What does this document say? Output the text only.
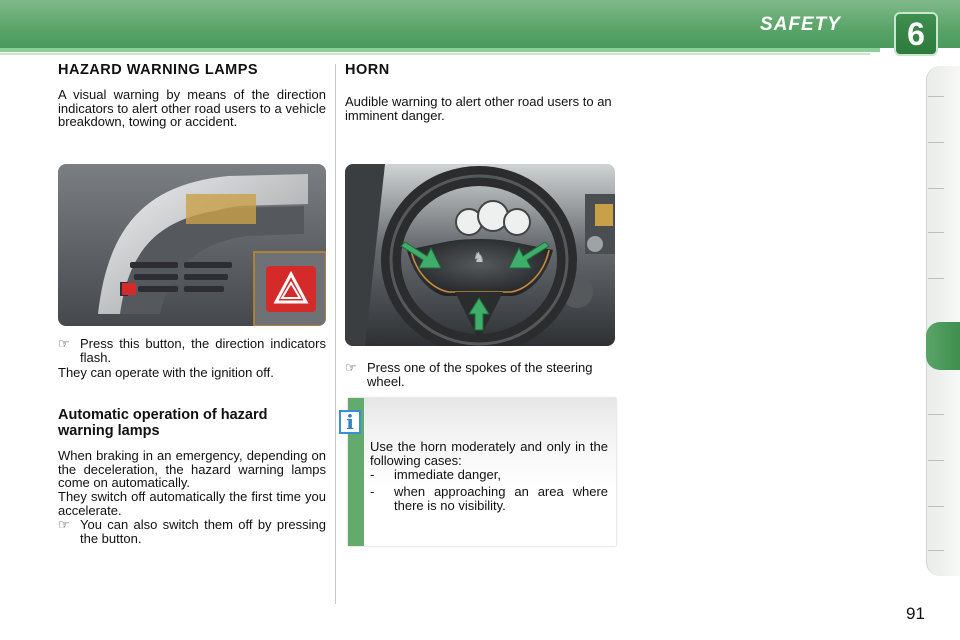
SAFETY	6
HAZARD WARNING LAMPS

A visual warning by means of the direction indicators to alert other road users to a vehicle breakdown, towing or accident.

☞ Press this button, the direction indicators flash.

They can operate with the ignition off.

Automatic operation of hazard warning lamps

When braking in an emergency, depending on the deceleration, the hazard warning lamps come on automatically.

They switch off automatically the first time you accelerate.

☞ You can also switch them off by pressing the button.
HORN

Audible warning to alert other road users to an imminent danger.

♞
☞ Press one of the spokes of the steering wheel.
i

Use the horn moderately and only in the following cases:

- immediate danger,
- when approaching an area where there is no visibility.
91
